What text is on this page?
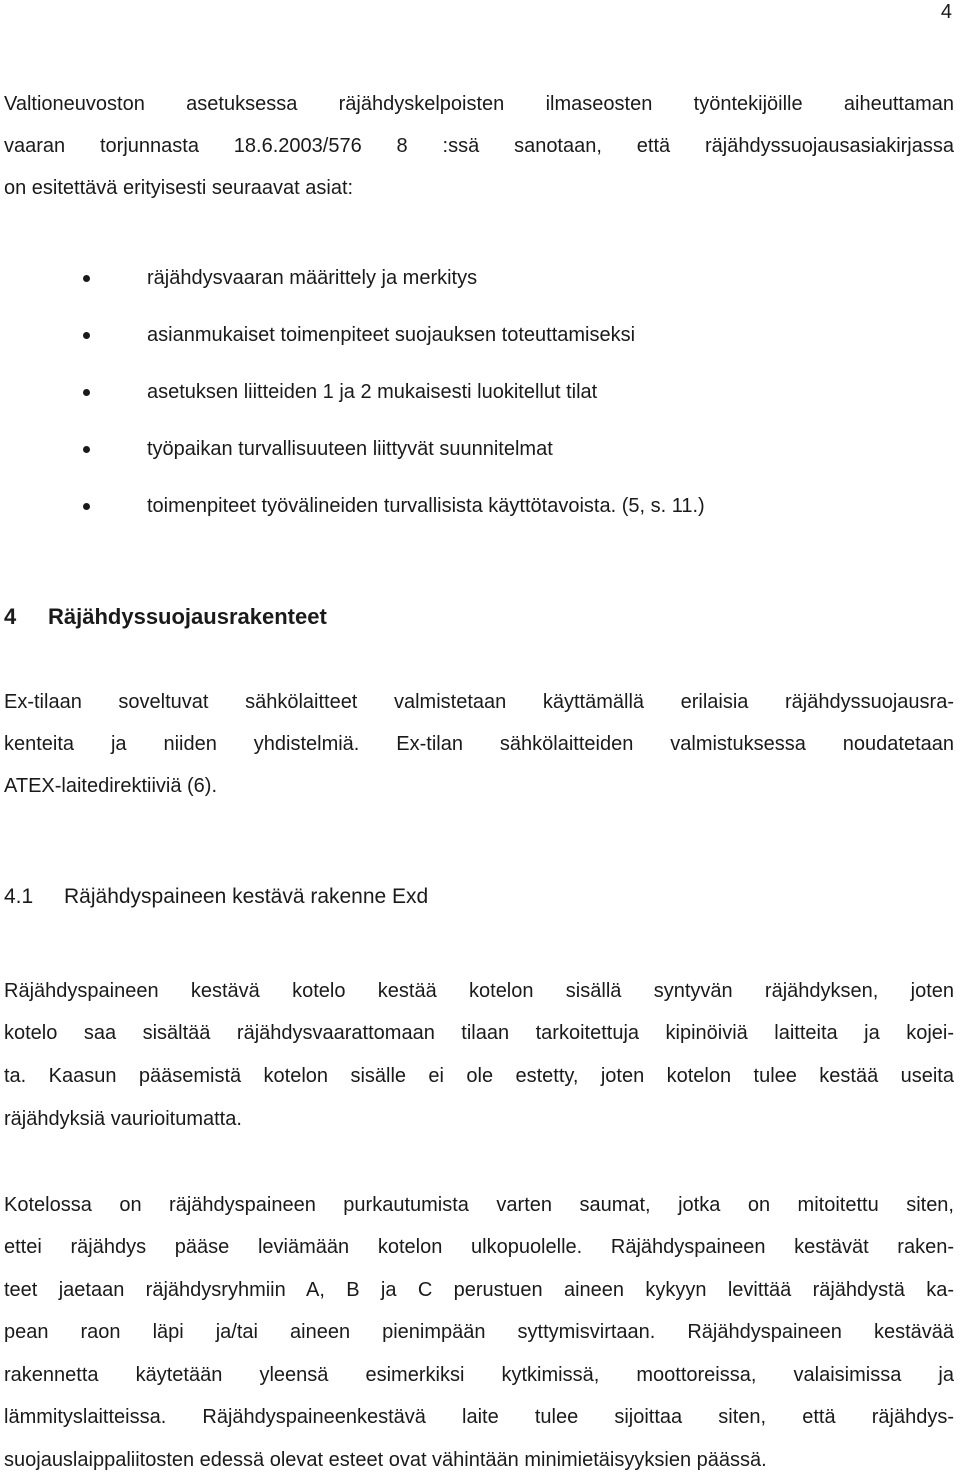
4
Valtioneuvoston asetuksessa räjähdyskelpoisten ilmaseosten työntekijöille aiheuttaman
vaaran torjunnasta 18.6.2003/576 8 :ssä sanotaan, että räjähdyssuojausasiakirjassa
on esitettävä erityisesti seuraavat asiat:
räjähdysvaaran määrittely ja merkitys
asianmukaiset toimenpiteet suojauksen toteuttamiseksi
asetuksen liitteiden 1 ja 2 mukaisesti luokitellut tilat
työpaikan turvallisuuteen liittyvät suunnitelmat
toimenpiteet työvälineiden turvallisista käyttötavoista. (5, s. 11.)
4 Räjähdyssuojausrakenteet
Ex-tilaan soveltuvat sähkölaitteet valmistetaan käyttämällä erilaisia räjähdyssuojausra-
kenteita ja niiden yhdistelmiä. Ex-tilan sähkölaitteiden valmistuksessa noudatetaan
ATEX-laitedirektiiviä (6).
4.1 Räjähdyspaineen kestävä rakenne Exd
Räjähdyspaineen kestävä kotelo kestää kotelon sisällä syntyvän räjähdyksen, joten
kotelo saa sisältää räjähdysvaarattomaan tilaan tarkoitettuja kipinöiviä laitteita ja kojei-
ta. Kaasun pääsemistä kotelon sisälle ei ole estetty, joten kotelon tulee kestää useita
räjähdyksiä vaurioitumatta.
Kotelossa on räjähdyspaineen purkautumista varten saumat, jotka on mitoitettu siten,
ettei räjähdys pääse leviämään kotelon ulkopuolelle. Räjähdyspaineen kestävät raken-
teet jaetaan räjähdysryhmiin A, B ja C perustuen aineen kykyyn levittää räjähdystä ka-
pean raon läpi ja/tai aineen pienimpään syttymisvirtaan. Räjähdyspaineen kestävää
rakennetta käytetään yleensä esimerkiksi kytkimissä, moottoreissa, valaisimissa ja
lämmityslaitteissa. Räjähdyspaineenkestävä laite tulee sijoittaa siten, että räjähdys-
suojauslaippaliitosten edessä olevat esteet ovat vähintään minimietäisyyksien päässä.
